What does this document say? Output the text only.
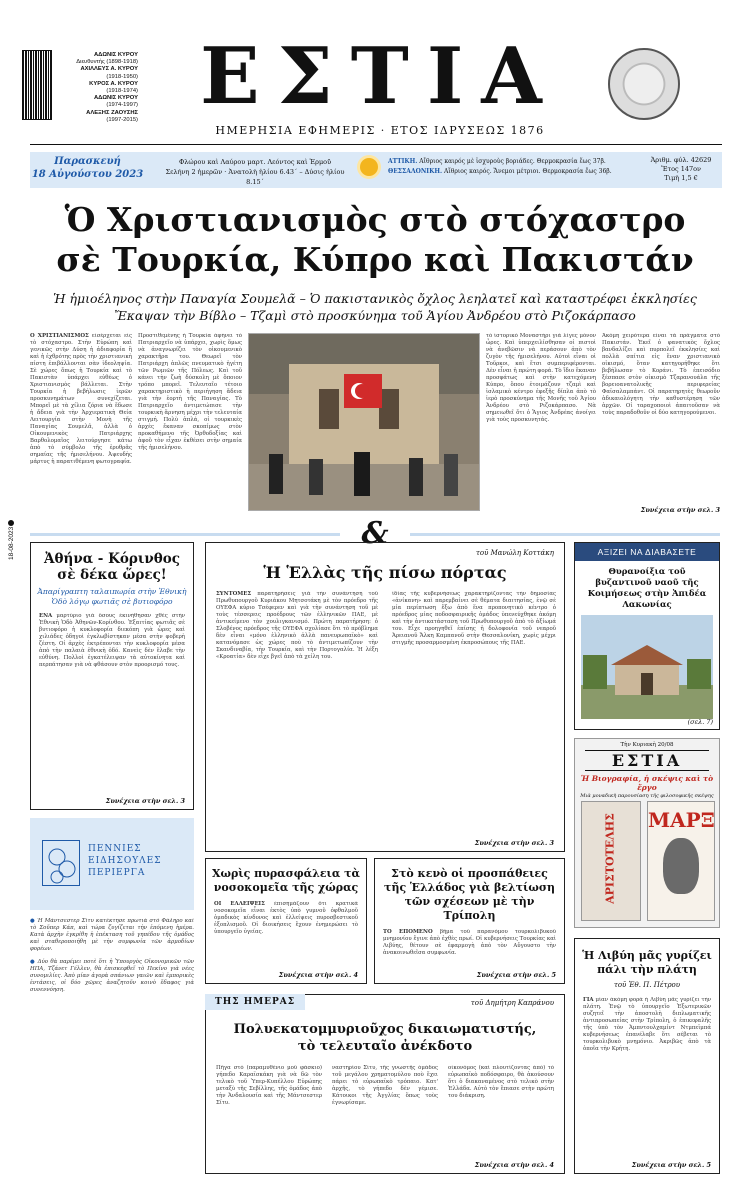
18-08-2023
ΑΔΩΝΙΣ ΚΥΡΟΥ
Διευθυντής (1898-1918)
ΑΧΙΛΛΕΥΣ Α. ΚΥΡΟΥ
(1918-1950)
ΚΥΡΟΣ Α. ΚΥΡΟΥ
(1918-1974)
ΑΔΩΝΙΣ ΚΥΡΟΥ
(1974-1997)
ΑΛΕΞΗΣ ΖΑΟΥΣΗΣ
(1997-2015) ΕΣΤΙΑ
ΗΜΕΡΗΣΙΑ ΕΦΗΜΕΡΙΣ · ΕΤΟΣ ΙΔΡΥΣΕΩΣ 1876
Παρασκευή
18 Αὐγούστου 2023
Φλώρου καὶ Λαύρου μαρτ. Λεόντος καὶ Ἑρμοῦ
Σελήνη 2 ἡμερῶν · Ἀνατολὴ ἡλίου 6.43΄ – Δύσις ἡλίου 8.15΄
ΑΤΤΙΚΗ. Αἴθριος καιρός μὲ ἰσχυροὺς βοριάδες. Θερμοκρασία ἕως 37β.
ΘΕΣΣΑΛΟΝΙΚΗ. Αἴθριος καιρός. Ἄνεμοι μέτριοι. Θερμοκρασία ἕως 36β.
Ἀριθμ. φύλ. 42629
Ἔτος 147ον
Τιμὴ 1,5 €
Ὁ Χριστιανισμὸς στὸ στόχαστρο
σὲ Τουρκία, Κύπρο καὶ Πακιστάν
Ἡ ἡμιοέληνος στὴν Παναγία Σουμελᾶ – Ὁ πακιστανικὸς ὄχλος λεηλατεῖ καὶ καταστρέφει ἐκκλησίες
Ἔκαψαν τὴν Βίβλο – Τζαμὶ στὸ προσκύνημα τοῦ Ἁγίου Ἀνδρέου στὸ Ριζοκάρπασο
Ο ΧΡΙΣΤΙΑΝΙΣΜΟΣ εἰσέρχεται εἰς τὸ στόχαστρο. Στὴν Εὐρώπη καὶ γενικῶς στὴν Δύση ἡ ἀδιαφορία ἢ καὶ ἡ ἐχθρότης πρὸς τὴν χριστιανικὴ πίστη ἐπιβάλλονται σὰν ἰδεοληψία. Σὲ χώρες ὅπως ἡ Τουρκία καὶ τὸ Πακιστὰν ὑπάρχει εὐθέως ὁ Χριστιανισμὸς βάλλεται. Στὴν Τουρκία ἡ βεβήλωσις ἱερῶν προσκυνημάτων συνεχίζεται. Μπορεῖ μὲ τὰ χίλια ζόρια νὰ ἔδωσε ἡ ἄδεια γιὰ τὴν Ἀρχιερατικὴ Θεία Λειτουργία στὴν Μονὴ τῆς Παναγίας Σουμελᾶ, ἀλλὰ ὁ Οἰκουμενικὸς Πατριάρχης Βαρθολομαῖος λειτούργησε κάτω ἀπὸ τὸ σύμβολο τῆς ἐρυθρᾶς σημαίας τῆς ἡμισελήνου. Ἀψευδὴς μάρτυς ἡ παρατιθέμενη φωτογραφία.
Προστιθεμένης ἡ Τουρκία ἀφήνει τὸ Πατριαρχεῖο νὰ ὑπάρχει, χωρὶς ὅμως νὰ ἀναγνωρίζει τὸν οἰκουμενικὸ χαρακτῆρα του. Θεωρεῖ τὸν Πατριάρχη ἁπλῶς πνευματικὸ ἡγέτη τῶν Ρωμιῶν τῆς Πόλεως. Καὶ τοῦ κάνει τὴν ζωὴ δύσκολη μὲ ὅποιον τρόπο μπορεῖ. Τελευταῖο τέτοιο χαρακτηριστικὸ ἡ περιήγηση ἄδεια γιὰ τὴν ἑορτὴ τῆς Παναγίας. Τὸ Πατριαρχεῖο ἀντιμετώπισε τὴν τουρκικὴ ἄρνηση μέχρι τὴν τελευταία στιγμή. Πολὺ ἁπλά, οἱ τουρκικὲς ἀρχὲς ἔκαναν σκοπίμως στὸν προκαθήμενο τῆς Ὀρθοδοξίας καὶ ἀφοῦ τὸν εἶχαν ἐκθέσει στὴν σημαία τῆς ἡμισελήνου.
τὸ ἱστορικὸ Μοναστήρι γιὰ λίγες μόνον ὧρες. Καὶ ὑπερχειλίσθησαν οἱ πιστοὶ νὰ ἀνεβῶσιν νὰ περάσουν ἀπὸ τὸν ζυγὸν τῆς ἡμισελήνου. Αὐτοὶ εἶναι οἱ Τοῦρκοι, καὶ ἔτσι συμπεριφέρονται. Δὲν εἶναι ἡ πρώτη φορά. Τὸ ἴδιο ἔκαναν προσφάτως καὶ στὴν κατεχόμενη Κύπρο, ὅπου ἐτοιμάζουν τζαμὶ καὶ ἰσλαμικὸ κέντρο ἐφεξῆς δίπλα ἀπὸ τὸ ἱερὸ προσκύνημα τῆς Μονῆς τοῦ Ἁγίου Ἀνδρέου στὸ Ριζοκάρπασο. Νὰ σημειωθεῖ ὅτι ὁ Ἅγιος Ἀνδρέας ἀνοίγει γιὰ τοὺς προσκυνητάς.
Ἀκόμη χειρότερα εἶναι τὰ πράγματα στὸ Πακιστάν. Ἐκεῖ ὁ φανατικὸς ὄχλος βανδαλίζει καὶ πυρπολεῖ ἐκκλησίες καὶ πολλὰ σπίτια εἰς ἕναν χριστιανικὸ οἰκισμό, ὅταν κατηγορήθηκε ὅτι βεβήλωσαν τὸ Κοράνι. Τὸ ἐπεισόδιο ξέσπασε στὸν οἰκισμὸ Τζαρανουάλα τῆς βορειοανατολικῆς περιφερείας Φαϊσαλαμπάντ. Οἱ παρατηρητὲς θεωροῦν ἀδικαιολόγητη τὴν καθυστέρηση τῶν ἀρχῶν. Οἱ ταραχοποιοὶ ἀπαιτοῦσαν νὰ τοὺς παραδοθοῦν οἱ δύο κατηγορούμενοι.
Συνέχεια στὴν σελ. 3
&
Ἀθήνα - Κόρινθος σὲ δέκα ὥρες!
Ἀπαρίγραπτη ταλαιπωρία στὴν Ἐθνικὴ Ὁδὸ λόγῳ φωτιᾶς σὲ βυτιοφόρο
ΕΝΑ μαρτύριο γιὰ ὅσους ἐκινήθησαν χθὲς στὴν Ἐθνικὴ Ὁδὸ Ἀθηνῶν-Κορίνθου. Ἐξαιτίας φωτιᾶς σὲ βυτιοφόρο ἡ κυκλοφορία διεκόπη γιὰ ὧρες καὶ χιλιάδες ὁδηγοὶ ἐγκλωβίστηκαν μέσα στὴν φοβερὴ ζέστη. Οἱ ἀρχὲς ἐκτρέπονται τὴν κυκλοφορία μέσα ἀπὸ τὴν παλαιὰ ἐθνικὴ ὁδό. Κανεὶς δὲν ἔλαβε τὴν εὐθύνη. Πολλοὶ ἐγκατέλειψαν τὰ αὐτοκίνητα καὶ περπάτησαν γιὰ νὰ φθάσουν στὸν προορισμό τους.
Συνέχεια στὴν σελ. 3
ΠΕΝΝΙΕΣ
ΕΙΔΗΣΟΥΛΕΣ
ΠΕΡΙΕΡΓΑ

● Ἡ Μάντσεστερ Σίτυ κατέκτησε πρωτιὰ στὸ Φάληρο καὶ τὸ Σοῦπερ Κάπ, καὶ τώρα ζυγίζεται τὴν ἑπόμενη ἡμέρα. Κατὰ ἀρχὴν ἐγκρίθη ἡ ἐπέκταση τοῦ γηπέδου τῆς ὁμάδος καὶ σταθεροποιήθη μὲ τὴν συμφωνία τῶν ἁρμοδίων φορέων.

● Δύο θὰ παρέμει ποτὲ ὅτι ἡ Ὑπουργὸς Οἰκονομικῶν τῶν ΗΠΑ, Τζάνετ Γέλλεν, θὰ ἐπισκεφθεῖ τὸ Πεκίνο γιὰ νέες συνομιλίες. Ἀπὸ μίαν ἀγορὰ σπάνιων γαιῶν καὶ ἐμπορικὲς ἐντάσεις, οἱ δύο χῶρες ἀναζητοῦν κοινὸ ἔδαφος γιὰ συνεννόηση.

τοῦ Μανώλη Κοττάκη
Ἡ Ἑλλὰς τῆς πίσω πόρτας
ΣΥΝΤΟΜΕΣ παρατηρήσεις γιὰ τὴν συνάντηση τοῦ Πρωθυπουργοῦ Κυριάκου Μητσοτάκη μὲ τὸν πρόεδρο τῆς ΟΥΕΦΑ κύριο Τσέφερεν καὶ γιὰ τὴν συνάντηση τοῦ μὲ τοὺς τέσσερεις προέδρους τῶν ἑλληνικῶν ΠΑΕ, μὲ ἀντικείμενο τὸν χουλιγκανισμό. Πρώτη παρατήρηση: ὁ Σλοβένος πρόεδρος τῆς ΟΥΕΦΑ σχολίασε ὅτι τὸ πρόβλημα δὲν εἶναι «μόνο ἑλληνικὸ ἀλλὰ πανευρωπαϊκὸ» καὶ κατανόμασε ὡς χώρες ποὺ τὸ ἀντιμετωπίζουν τὴν Σκανδιναβία, τὴν Τουρκία, καὶ τὴν Πορτογαλία. Ἡ λέξη «Κροατία» δὲν εἶχε βγεῖ ἀπὸ τὰ χείλη του.
ἰδίας τῆς κυβερνήσεως χαρακτηρίζοντας τὴν δημοσίας «ἀνίκανη» καὶ παρεμβαίνει σὲ θέματα διαιτησίας, ἐνῷ σὲ μία περίπτωση ἔξω ἀπὸ ἕνα προπονητικὸ κέντρο ὁ πρόεδρος μίας ποδοσφαιρικῆς ὁμάδος ὑπενεύχθηκε ἀκόμη καὶ τὴν ἀντικατάσταση τοῦ Πρωθυπουργοῦ ἀπὸ τὸ ἀξίωμά του. Εἶχε προηγηθεῖ ἐπίσης ἡ δολοφονία τοῦ νεαροῦ Ἀρειανοῦ Ἄλκη Καμπανοῦ στὴν Θεσσαλονίκη, χωρὶς μέχρι στιγμῆς προσαρμοσμένη ἐκπροσώπους τῆς ΠΑΕ.
Συνέχεια στὴν σελ. 3
Χωρὶς πυρασφάλεια τὰ νοσοκομεῖα τῆς χώρας
ΟΙ ΕΛΛΕΙΨΕΙΣ ἐπισημάζουν ὅτι κρατικὰ νοσοκομεῖα εἶναι ἐκτὸς ὑπὸ γυμνοῦ ὀφθαλμοῦ ὁμαδικὸς κίνδυνος καὶ ἐλλείψεις πυροσβεστικοῦ ἐξοπλισμοῦ. Οἱ διοικήσεις ἔχουν ἐνημερώσει τὸ ὑπουργεῖο ὑγείας.
Συνέχεια στὴν σελ. 4
Στὸ κενὸ οἱ προσπάθειες τῆς Ἑλλάδος γιὰ βελτίωση τῶν σχέσεων μὲ τὴν Τρίπολη
ΤΟ ΕΠΟΜΕΝΟ βῆμα τοῦ παρανόμου τουρκολιβυκοῦ μνημονίου ἔγινε ἀπὸ ἐχθὲς πρωί. Οἱ κυβερνήσεις Τουρκίας καὶ Λιβύης, θέτουν σὲ ἐφαρμογὴ ἀπὸ τὸν Αὔγουστο τὴν ἀνακοινωθεῖσα συμφωνία.
Συνέχεια στὴν σελ. 5
ΤΗΣ ΗΜΕΡΑΣ	τοῦ Δημήτρη Καπράνου
Πολυεκατομμυριοῦχος δικαιωματιστής,
τὸ τελευταῖο ἀνέκδοτο
Πῆγα στὸ (παραμυθένιο μοῦ φάσκιο) γήπεδο Καραϊσκάκη γιὰ νὰ δῶ τὸν τελικὸ τοῦ Ὑπερ-Κυπέλλου Εὐρώπης μεταξὺ τῆς Σεβίλλης, τῆς ὁμάδος ἀπὸ τὴν Ἀνδαλουσία καὶ τῆς Μάντσεστερ Σίτυ.
ναστηρίου Σίτυ, τῆς γνωστῆς ὁμάδος τοῦ μεγάλου χρηματομύλου ποὺ ἔχει πάρει τὸ εὐρωπαϊκὸ τρόπαιο. Κατ' ἀρχῆς, τὸ γήπεδο δὲν γέμισε. Κάτοικοι τῆς Ἀγγλίας ὅπως τοὺς ἐγνωρίσαμε.
οἰκονόμος (καὶ πλουτίζοντας ἀπὸ) τὸ εὐρωπαϊκὸ ποδόσφαιρο, θὰ ἀκούσουν ὅτι ὁ διακαναμένος στὸ τελικὸ στὴν Ἑλλάδα. Αὐτὸ τὸν ἔπιασε στὴν πρώτη του διάκριση.
Συνέχεια στὴν σελ. 4
ΑΞΙΖΕΙ ΝΑ ΔΙΑΒΑΣΕΤΕ
Θυρανοίξια τοῦ βυζαντινοῦ ναοῦ τῆς Κοιμήσεως στὴν Ἀπιδέα Λακωνίας
(σελ. 7)
Τὴν Κυριακὴ 20/08
ΕΣΤΙΑ
Ἡ Βιογραφία, ἡ σκέψις καὶ τὸ ἔργο
Μιὰ μοναδικὴ παρουσίαση τῆς φιλοσοφικῆς σκέψης
ΑΡΙΣΤΟΤΕΛΗΣ ΜΑΡΞ
Ἡ Λιβύη μᾶς γυρίζει πάλι τὴν πλάτη
τοῦ Ἐθ. Π. Πέτρου
ΓΙΑ μίαν ἀκόμη φορὰ ἡ Λιβύη μᾶς γυρίζει τὴν πλάτη. Ἐνῷ τὸ ὑπουργεῖο Ἐξωτερικῶν συζητεῖ τὴν ἀποστολὴ διπλωματικῆς ἀντιπροσωπείας στὴν Τρίπολη, ὁ ἐπικεφαλῆς τῆς ὑπὸ τὸν Ἀμπντουλχαμίντ Ντμπεϊμπά κυβερνήσεως ἐπανέλαβε ὅτι σέβεται τὸ τουρκολιβυκὸ μνημόνιο. Ἀκριβῶς ἀπὸ τὰ ὁποῖα τὴν Κρήτη.
Συνέχεια στὴν σελ. 5
